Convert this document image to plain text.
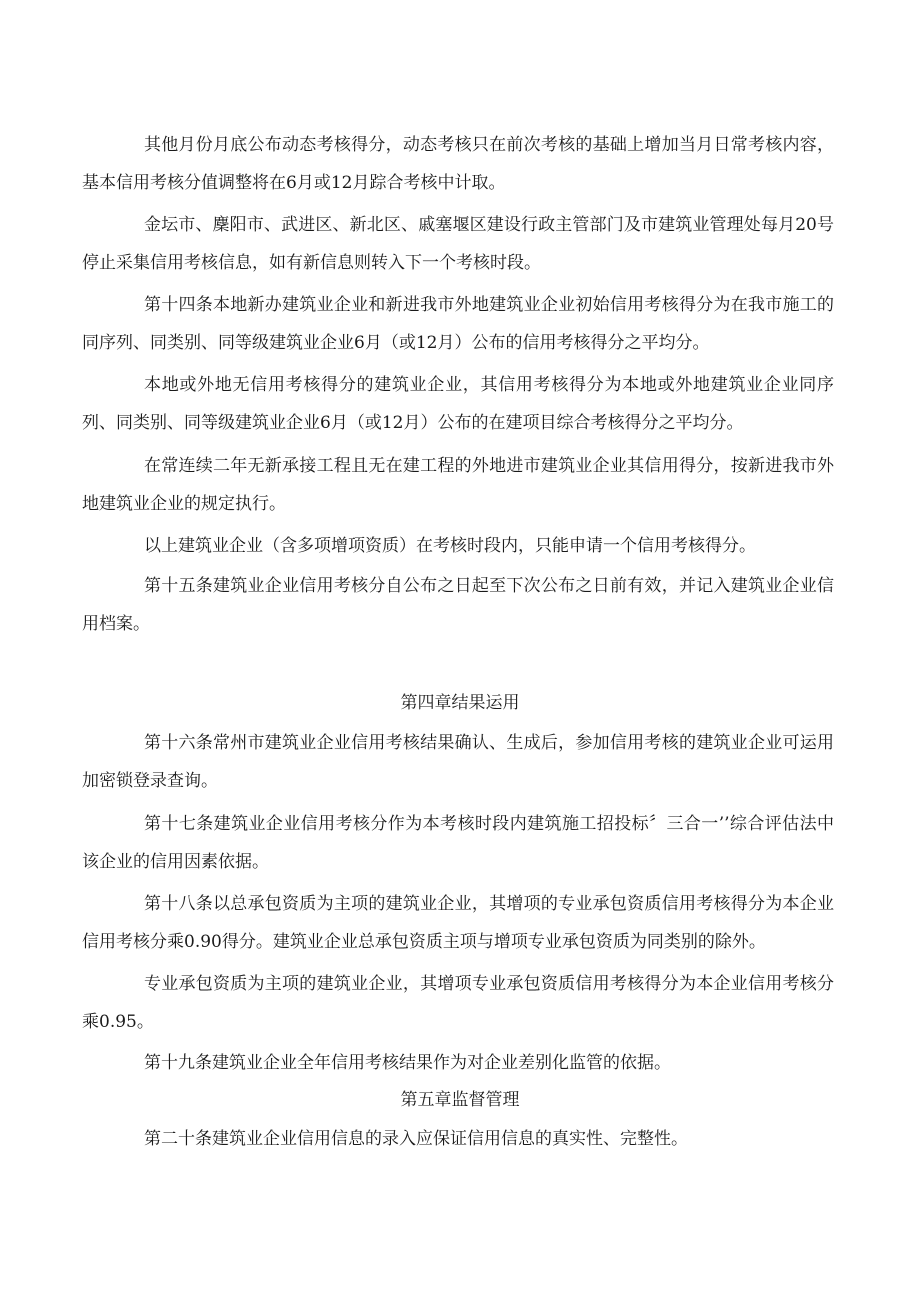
其他月份月底公布动态考核得分，动态考核只在前次考核的基础上增加当月日常考核内容，基本信用考核分值调整将在6月或12月踪合考核中计取。

金坛市、麇阳市、武进区、新北区、戚塞堰区建设行政主管部门及市建筑业管理处每月20号停止采集信用考核信息，如有新信息则转入下一个考核时段。

第十四条本地新办建筑业企业和新进我市外地建筑业企业初始信用考核得分为在我市施工的同序列、同类别、同等级建筑业企业6月（或12月）公布的信用考核得分之平均分。

本地或外地无信用考核得分的建筑业企业，其信用考核得分为本地或外地建筑业企业同序列、同类别、同等级建筑业企业6月（或12月）公布的在建项目综合考核得分之平均分。

在常连续二年无新承接工程且无在建工程的外地进市建筑业企业其信用得分，按新进我市外地建筑业企业的规定执行。

以上建筑业企业（含多项增项资质）在考核时段内，只能申请一个信用考核得分。

第十五条建筑业企业信用考核分自公布之日起至下次公布之日前有效，并记入建筑业企业信用档案。

第四章结果运用

第十六条常州市建筑业企业信用考核结果确认、生成后，参加信用考核的建筑业企业可运用加密锁登录查询。

第十七条建筑业企业信用考核分作为本考核时段内建筑施工招投标〞三合一’’综合评估法中该企业的信用因素依据。

第十八条以总承包资质为主项的建筑业企业，其增项的专业承包资质信用考核得分为本企业信用考核分乘0.90得分。建筑业企业总承包资质主项与增项专业承包资质为同类别的除外。

专业承包资质为主项的建筑业企业，其增项专业承包资质信用考核得分为本企业信用考核分乘0.95。

第十九条建筑业企业全年信用考核结果作为对企业差别化监管的依据。

第五章监督管理

第二十条建筑业企业信用信息的录入应保证信用信息的真实性、完整性。
